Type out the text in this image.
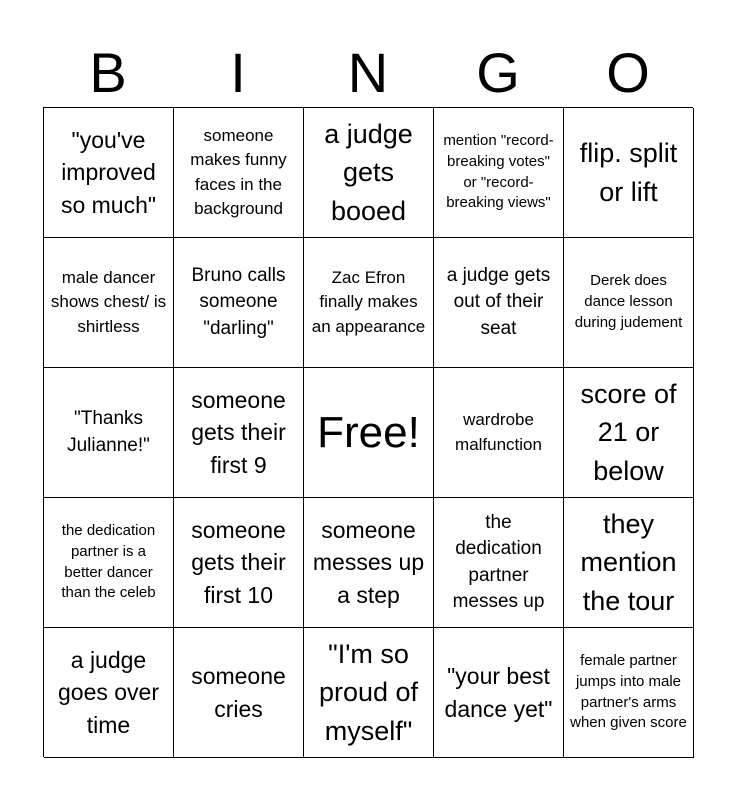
B	I	N	G	O
"you've improved so much"
someone makes funny faces in the background
a judge gets booed
mention "record-breaking votes" or "record-breaking views"
flip. split or lift
male dancer shows chest/ is shirtless
Bruno calls someone "darling"
Zac Efron finally makes an appearance
a judge gets out of their seat
Derek does dance lesson during judement
"Thanks Julianne!"
someone gets their first 9
Free!	wardrobe malfunction
score of 21 or below
the dedication partner is a better dancer than the celeb
someone gets their first 10
someone messes up a step
the dedication partner messes up
they mention the tour
a judge goes over time
someone cries
"I'm so proud of myself"
"your best dance yet"
female partner jumps into male partner's arms when given score
